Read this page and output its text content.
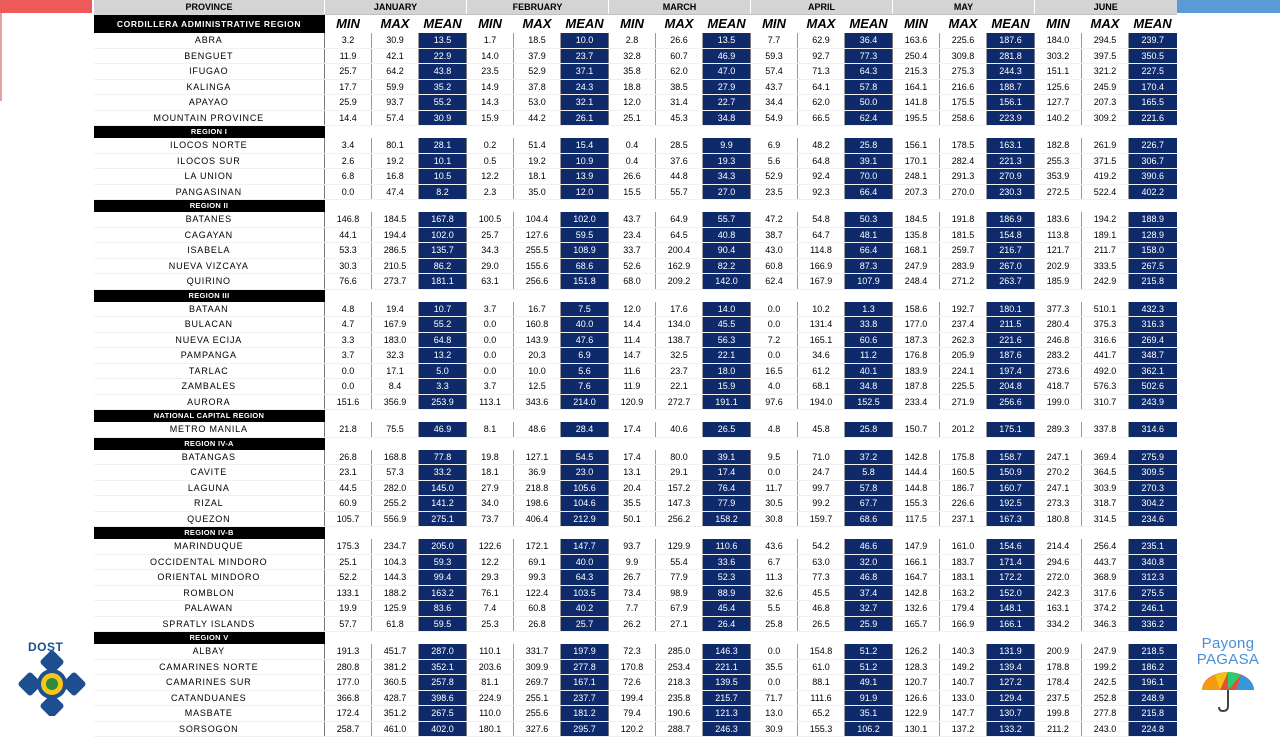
PROVINCE	JANUARY			FEBRUARY			MARCH			APRIL			MAY			JUNE		
CORDILLERA ADMINISTRATIVE REGION	MIN	MAX	MEAN	MIN	MAX	MEAN	MIN	MAX	MEAN	MIN	MAX	MEAN	MIN	MAX	MEAN	MIN	MAX	MEAN
ABRA	3.2	30.9	13.5	1.7	18.5	10.0	2.8	26.6	13.5	7.7	62.9	36.4	163.6	225.6	187.6	184.0	294.5	239.7
BENGUET	11.9	42.1	22.9	14.0	37.9	23.7	32.8	60.7	46.9	59.3	92.7	77.3	250.4	309.8	281.8	303.2	397.5	350.5
IFUGAO	25.7	64.2	43.8	23.5	52.9	37.1	35.8	62.0	47.0	57.4	71.3	64.3	215.3	275.3	244.3	151.1	321.2	227.5
KALINGA	17.7	59.9	35.2	14.9	37.8	24.3	18.8	38.5	27.9	43.7	64.1	57.8	164.1	216.6	188.7	125.6	245.9	170.4
APAYAO	25.9	93.7	55.2	14.3	53.0	32.1	12.0	31.4	22.7	34.4	62.0	50.0	141.8	175.5	156.1	127.7	207.3	165.5
MOUNTAIN PROVINCE	14.4	57.4	30.9	15.9	44.2	26.1	25.1	45.3	34.8	54.9	66.5	62.4	195.5	258.6	223.9	140.2	309.2	221.6
REGION I																		
ILOCOS NORTE	3.4	80.1	28.1	0.2	51.4	15.4	0.4	28.5	9.9	6.9	48.2	25.8	156.1	178.5	163.1	182.8	261.9	226.7
ILOCOS SUR	2.6	19.2	10.1	0.5	19.2	10.9	0.4	37.6	19.3	5.6	64.8	39.1	170.1	282.4	221.3	255.3	371.5	306.7
LA UNION	6.8	16.8	10.5	12.2	18.1	13.9	26.6	44.8	34.3	52.9	92.4	70.0	248.1	291.3	270.9	353.9	419.2	390.6
PANGASINAN	0.0	47.4	8.2	2.3	35.0	12.0	15.5	55.7	27.0	23.5	92.3	66.4	207.3	270.0	230.3	272.5	522.4	402.2
REGION II																		
BATANES	146.8	184.5	167.8	100.5	104.4	102.0	43.7	64.9	55.7	47.2	54.8	50.3	184.5	191.8	186.9	183.6	194.2	188.9
CAGAYAN	44.1	194.4	102.0	25.7	127.6	59.5	23.4	64.5	40.8	38.7	64.7	48.1	135.8	181.5	154.8	113.8	189.1	128.9
ISABELA	53.3	286.5	135.7	34.3	255.5	108.9	33.7	200.4	90.4	43.0	114.8	66.4	168.1	259.7	216.7	121.7	211.7	158.0
NUEVA VIZCAYA	30.3	210.5	86.2	29.0	155.6	68.6	52.6	162.9	82.2	60.8	166.9	87.3	247.9	283.9	267.0	202.9	333.5	267.5
QUIRINO	76.6	273.7	181.1	63.1	256.6	151.8	68.0	209.2	142.0	62.4	167.9	107.9	248.4	271.2	263.7	185.9	242.9	215.8
REGION III																		
BATAAN	4.8	19.4	10.7	3.7	16.7	7.5	12.0	17.6	14.0	0.0	10.2	1.3	158.6	192.7	180.1	377.3	510.1	432.3
BULACAN	4.7	167.9	55.2	0.0	160.8	40.0	14.4	134.0	45.5	0.0	131.4	33.8	177.0	237.4	211.5	280.4	375.3	316.3
NUEVA ECIJA	3.3	183.0	64.8	0.0	143.9	47.6	11.4	138.7	56.3	7.2	165.1	60.6	187.3	262.3	221.6	246.8	316.6	269.4
PAMPANGA	3.7	32.3	13.2	0.0	20.3	6.9	14.7	32.5	22.1	0.0	34.6	11.2	176.8	205.9	187.6	283.2	441.7	348.7
TARLAC	0.0	17.1	5.0	0.0	10.0	5.6	11.6	23.7	18.0	16.5	61.2	40.1	183.9	224.1	197.4	273.6	492.0	362.1
ZAMBALES	0.0	8.4	3.3	3.7	12.5	7.6	11.9	22.1	15.9	4.0	68.1	34.8	187.8	225.5	204.8	418.7	576.3	502.6
AURORA	151.6	356.9	253.9	113.1	343.6	214.0	120.9	272.7	191.1	97.6	194.0	152.5	233.4	271.9	256.6	199.0	310.7	243.9
NATIONAL CAPITAL REGION																		
METRO MANILA	21.8	75.5	46.9	8.1	48.6	28.4	17.4	40.6	26.5	4.8	45.8	25.8	150.7	201.2	175.1	289.3	337.8	314.6
REGION IV-A																		
BATANGAS	26.8	168.8	77.8	19.8	127.1	54.5	17.4	80.0	39.1	9.5	71.0	37.2	142.8	175.8	158.7	247.1	369.4	275.9
CAVITE	23.1	57.3	33.2	18.1	36.9	23.0	13.1	29.1	17.4	0.0	24.7	5.8	144.4	160.5	150.9	270.2	364.5	309.5
LAGUNA	44.5	282.0	145.0	27.9	218.8	105.6	20.4	157.2	76.4	11.7	99.7	57.8	144.8	186.7	160.7	247.1	303.9	270.3
RIZAL	60.9	255.2	141.2	34.0	198.6	104.6	35.5	147.3	77.9	30.5	99.2	67.7	155.3	226.6	192.5	273.3	318.7	304.2
QUEZON	105.7	556.9	275.1	73.7	406.4	212.9	50.1	256.2	158.2	30.8	159.7	68.6	117.5	237.1	167.3	180.8	314.5	234.6
REGION IV-B																		
MARINDUQUE	175.3	234.7	205.0	122.6	172.1	147.7	93.7	129.9	110.6	43.6	54.2	46.6	147.9	161.0	154.6	214.4	256.4	235.1
OCCIDENTAL MINDORO	25.1	104.3	59.3	12.2	69.1	40.0	9.9	55.4	33.6	6.7	63.0	32.0	166.1	183.7	171.4	294.6	443.7	340.8
ORIENTAL MINDORO	52.2	144.3	99.4	29.3	99.3	64.3	26.7	77.9	52.3	11.3	77.3	46.8	164.7	183.1	172.2	272.0	368.9	312.3
ROMBLON	133.1	188.2	163.2	76.1	122.4	103.5	73.4	98.9	88.9	32.6	45.5	37.4	142.8	163.2	152.0	242.3	317.6	275.5
PALAWAN	19.9	125.9	83.6	7.4	60.8	40.2	7.7	67.9	45.4	5.5	46.8	32.7	132.6	179.4	148.1	163.1	374.2	246.1
SPRATLY ISLANDS	57.7	61.8	59.5	25.3	26.8	25.7	26.2	27.1	26.4	25.8	26.5	25.9	165.7	166.9	166.1	334.2	346.3	336.2
REGION V																		
ALBAY	191.3	451.7	287.0	110.1	331.7	197.9	72.3	285.0	146.3	0.0	154.8	51.2	126.2	140.3	131.9	200.9	247.9	218.5
CAMARINES NORTE	280.8	381.2	352.1	203.6	309.9	277.8	170.8	253.4	221.1	35.5	61.0	51.2	128.3	149.2	139.4	178.8	199.2	186.2
CAMARINES SUR	177.0	360.5	257.8	81.1	269.7	167.1	72.6	218.3	139.5	0.0	88.1	49.1	120.7	140.7	127.2	178.4	242.5	196.1
CATANDUANES	366.8	428.7	398.6	224.9	255.1	237.7	199.4	235.8	215.7	71.7	111.6	91.9	126.6	133.0	129.4	237.5	252.8	248.9
MASBATE	172.4	351.2	267.5	110.0	255.6	181.2	79.4	190.6	121.3	13.0	65.2	35.1	122.9	147.7	130.7	199.8	277.8	215.8
SORSOGON	258.7	461.0	402.0	180.1	327.6	295.7	120.2	288.7	246.3	30.9	155.3	106.2	130.1	137.2	133.2	211.2	243.0	224.8
DOST	Payong
PAGASA
